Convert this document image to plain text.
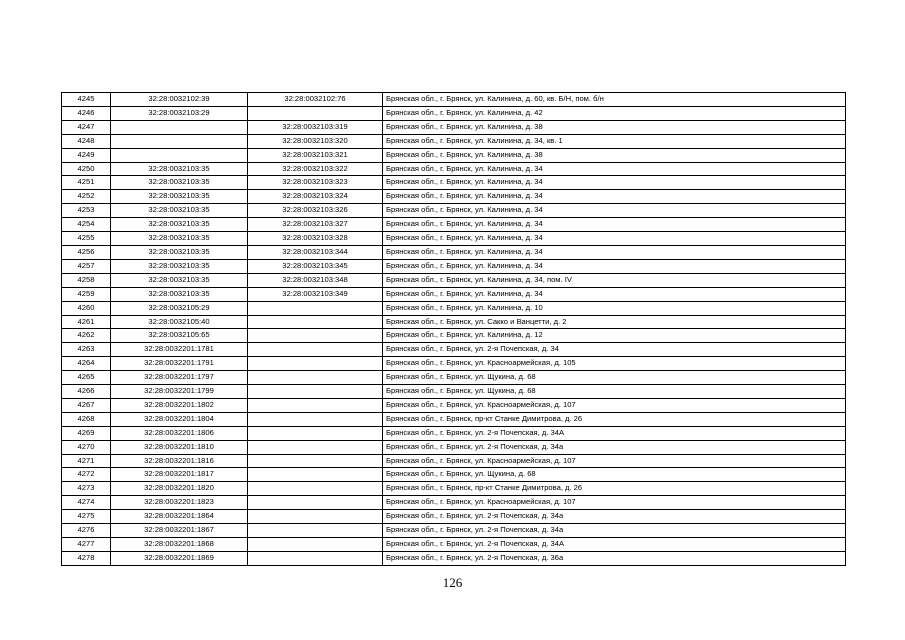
4245	32:28:0032102:39	32:28:0032102:76	Брянская обл., г. Брянск, ул. Калинина, д. 60, кв. Б/Н, пом. б/н
4246	32:28:0032103:29		Брянская обл., г. Брянск, ул. Калинина, д. 42
4247		32:28:0032103:319	Брянская обл., г. Брянск, ул. Калинина, д. 38
4248		32:28:0032103:320	Брянская обл., г. Брянск, ул. Калинина, д. 34, кв. 1
4249		32:28:0032103:321	Брянская обл., г. Брянск, ул. Калинина, д. 38
4250	32:28:0032103:35	32:28:0032103:322	Брянская обл., г. Брянск, ул. Калинина, д. 34
4251	32:28:0032103:35	32:28:0032103:323	Брянская обл., г. Брянск, ул. Калинина, д. 34
4252	32:28:0032103:35	32:28:0032103:324	Брянская обл., г. Брянск, ул. Калинина, д. 34
4253	32:28:0032103:35	32:28:0032103:326	Брянская обл., г. Брянск, ул. Калинина, д. 34
4254	32:28:0032103:35	32:28:0032103:327	Брянская обл., г. Брянск, ул. Калинина, д. 34
4255	32:28:0032103:35	32:28:0032103:328	Брянская обл., г. Брянск, ул. Калинина, д. 34
4256	32:28:0032103:35	32:28:0032103:344	Брянская обл., г. Брянск, ул. Калинина, д. 34
4257	32:28:0032103:35	32:28:0032103:345	Брянская обл., г. Брянск, ул. Калинина, д. 34
4258	32:28:0032103:35	32:28:0032103:348	Брянская обл., г. Брянск, ул. Калинина, д. 34, пом. IV
4259	32:28:0032103:35	32:28:0032103:349	Брянская обл., г. Брянск, ул. Калинина, д. 34
4260	32:28:0032105:29		Брянская обл., г. Брянск, ул. Калинина, д. 10
4261	32:28:0032105:40		Брянская обл., г. Брянск, ул. Сакко и Ванцетти, д. 2
4262	32:28:0032105:65		Брянская обл., г. Брянск, ул. Калинина, д. 12
4263	32:28:0032201:1781		Брянская обл., г. Брянск, ул. 2-я Почепская, д. 34
4264	32:28:0032201:1791		Брянская обл., г. Брянск, ул. Красноармейская, д. 105
4265	32:28:0032201:1797		Брянская обл., г. Брянск, ул. Щукина, д. 68
4266	32:28:0032201:1799		Брянская обл., г. Брянск, ул. Щукина, д. 68
4267	32:28:0032201:1802		Брянская обл., г. Брянск, ул. Красноармейская, д. 107
4268	32:28:0032201:1804		Брянская обл., г. Брянск, пр-кт Станке Димитрова, д. 26
4269	32:28:0032201:1806		Брянская обл., г. Брянск, ул. 2-я Почепская, д. 34А
4270	32:28:0032201:1810		Брянская обл., г. Брянск, ул. 2-я Почепская, д. 34а
4271	32:28:0032201:1816		Брянская обл., г. Брянск, ул. Красноармейская, д. 107
4272	32:28:0032201:1817		Брянская обл., г. Брянск, ул. Щукина, д. 68
4273	32:28:0032201:1820		Брянская обл., г. Брянск, пр-кт Станке Димитрова, д. 26
4274	32:28:0032201:1823		Брянская обл., г. Брянск, ул. Красноармейская, д. 107
4275	32:28:0032201:1864		Брянская обл., г. Брянск, ул. 2-я Почепская, д. 34а
4276	32:28:0032201:1867		Брянская обл., г. Брянск, ул. 2-я Почепская, д. 34а
4277	32:28:0032201:1868		Брянская обл., г. Брянск, ул. 2-я Почепская, д. 34А
4278	32:28:0032201:1869		Брянская обл., г. Брянск, ул. 2-я Почепская, д. 36а
126
